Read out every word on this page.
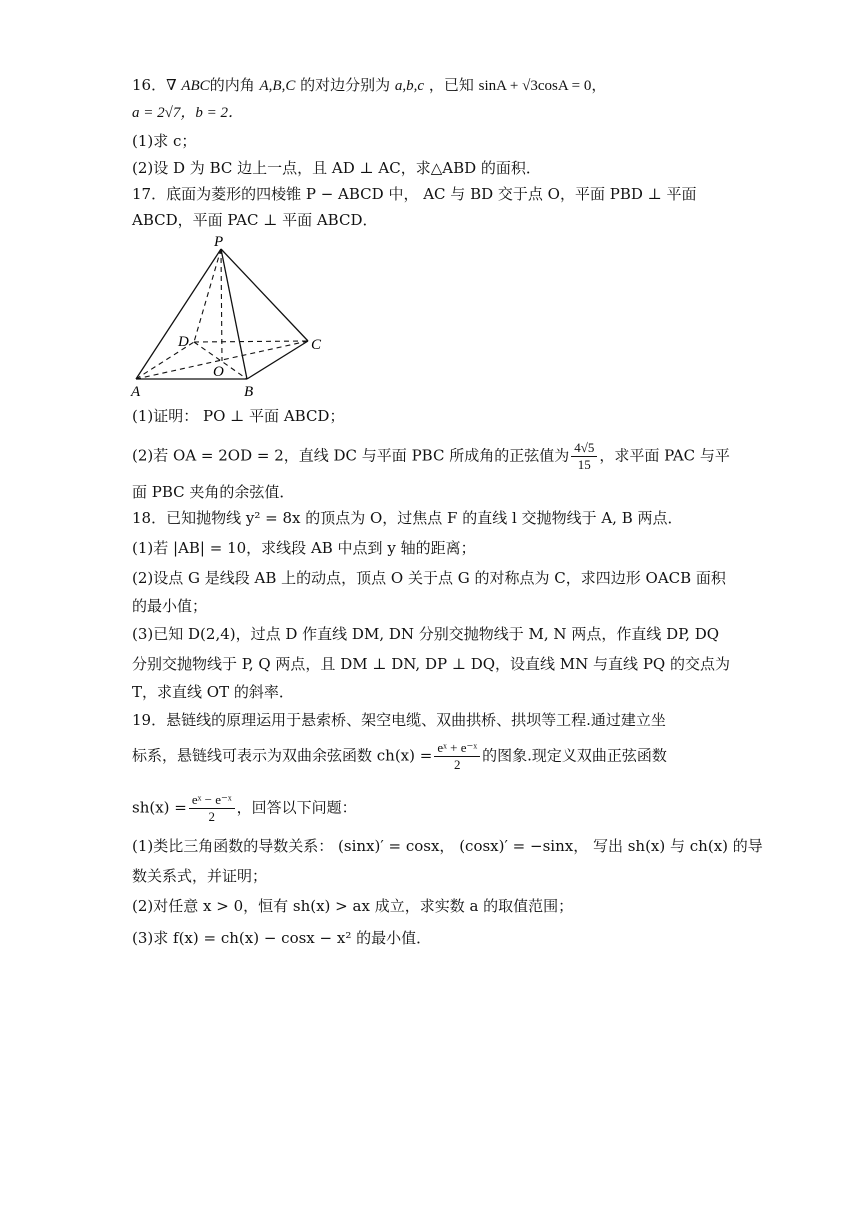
16．∇ ABC的内角 A,B,C 的对边分别为 a,b,c ，已知 sinA + √3cosA = 0，
a = 2√7，b = 2．
(1)求 c；
(2)设 D 为 BC 边上一点，且 AD ⊥ AC，求△ABD 的面积．
17．底面为菱形的四棱锥 P − ABCD 中， AC 与 BD 交于点 O，平面 PBD ⊥ 平面
ABCD，平面 PAC ⊥ 平面 ABCD．
P
D	C
O
A	B
(1)证明： PO ⊥ 平面 ABCD；
(2)若 OA = 2OD = 2，直线 DC 与平面 PBC 所成角的正弦值为 $\frac{4√5}{15}$ ，求平面 PAC 与平
面 PBC 夹角的余弦值．
18．已知抛物线 y² = 8x 的顶点为 O，过焦点 F 的直线 l 交抛物线于 A, B 两点．
(1)若 |AB| = 10，求线段 AB 中点到 y 轴的距离；
(2)设点 G 是线段 AB 上的动点，顶点 O 关于点 G 的对称点为 C，求四边形 OACB 面积
的最小值；
(3)已知 D(2,4)，过点 D 作直线 DM, DN 分别交抛物线于 M, N 两点，作直线 DP, DQ
分别交抛物线于 P, Q 两点，且 DM ⊥ DN, DP ⊥ DQ，设直线 MN 与直线 PQ 的交点为
T，求直线 OT 的斜率．
19．悬链线的原理运用于悬索桥、架空电缆、双曲拱桥、拱坝等工程.通过建立坐
标系，悬链线可表示为双曲余弦函数 $ch(x) = \frac{\text{eˣ + e⁻ˣ}}{2}$ 的图象.现定义双曲正弦函数
$sh(x) = \frac{\text{eˣ − e⁻ˣ}}{2}$ ，回答以下问题：
(1)类比三角函数的导数关系： (sinx)′ = cosx， (cosx)′ = −sinx， 写出 sh(x) 与 ch(x) 的导
数关系式，并证明；
(2)对任意 x > 0，恒有 sh(x) > ax 成立，求实数 a 的取值范围；
(3)求 f(x) = ch(x) − cosx − x² 的最小值．
